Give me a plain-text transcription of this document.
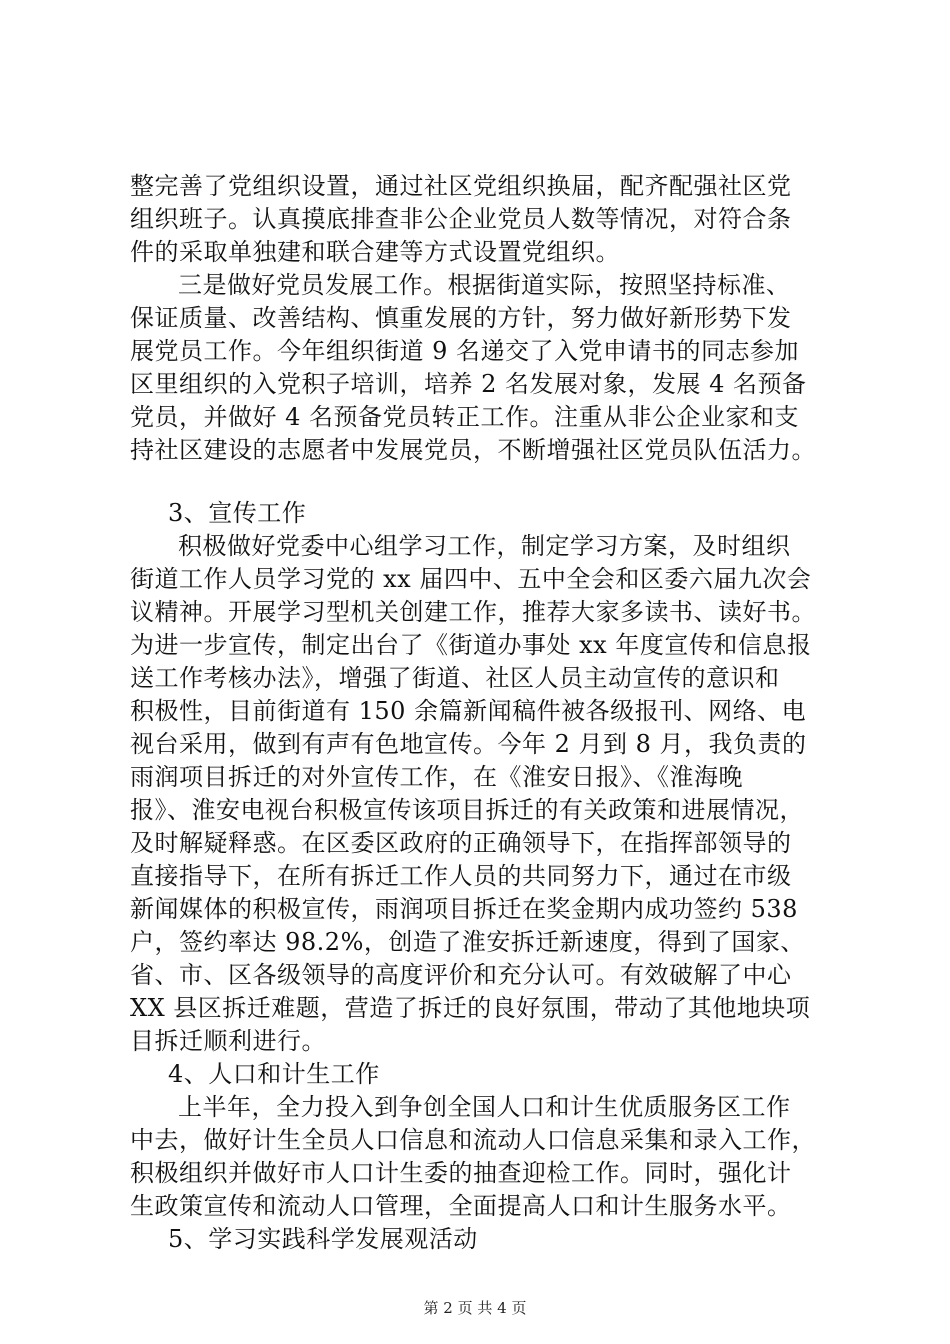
整完善了党组织设置，通过社区党组织换届，配齐配强社区党
组织班子。认真摸底排查非公企业党员人数等情况，对符合条
件的采取单独建和联合建等方式设置党组织。
三是做好党员发展工作。根据街道实际，按照坚持标准、
保证质量、改善结构、慎重发展的方针，努力做好新形势下发
展党员工作。今年组织街道 9 名递交了入党申请书的同志参加
区里组织的入党积子培训，培养 2 名发展对象，发展 4 名预备
党员，并做好 4 名预备党员转正工作。注重从非公企业家和支
持社区建设的志愿者中发展党员，不断增强社区党员队伍活力。
3、宣传工作
积极做好党委中心组学习工作，制定学习方案，及时组织
街道工作人员学习党的 xx 届四中、五中全会和区委六届九次会
议精神。开展学习型机关创建工作，推荐大家多读书、读好书。
为进一步宣传，制定出台了《街道办事处 xx 年度宣传和信息报
送工作考核办法》，增强了街道、社区人员主动宣传的意识和
积极性，目前街道有 150 余篇新闻稿件被各级报刊、网络、电
视台采用，做到有声有色地宣传。今年 2 月到 8 月，我负责的
雨润项目拆迁的对外宣传工作，在《淮安日报》、《淮海晚
报》、淮安电视台积极宣传该项目拆迁的有关政策和进展情况，
及时解疑释惑。在区委区政府的正确领导下，在指挥部领导的
直接指导下，在所有拆迁工作人员的共同努力下，通过在市级
新闻媒体的积极宣传，雨润项目拆迁在奖金期内成功签约 538
户，签约率达 98.2%，创造了淮安拆迁新速度，得到了国家、
省、市、区各级领导的高度评价和充分认可。有效破解了中心
XX 县区拆迁难题，营造了拆迁的良好氛围，带动了其他地块项
目拆迁顺利进行。
4、人口和计生工作
上半年，全力投入到争创全国人口和计生优质服务区工作
中去，做好计生全员人口信息和流动人口信息采集和录入工作，
积极组织并做好市人口计生委的抽查迎检工作。同时，强化计
生政策宣传和流动人口管理，全面提高人口和计生服务水平。
5、学习实践科学发展观活动
第 2 页 共 4 页
